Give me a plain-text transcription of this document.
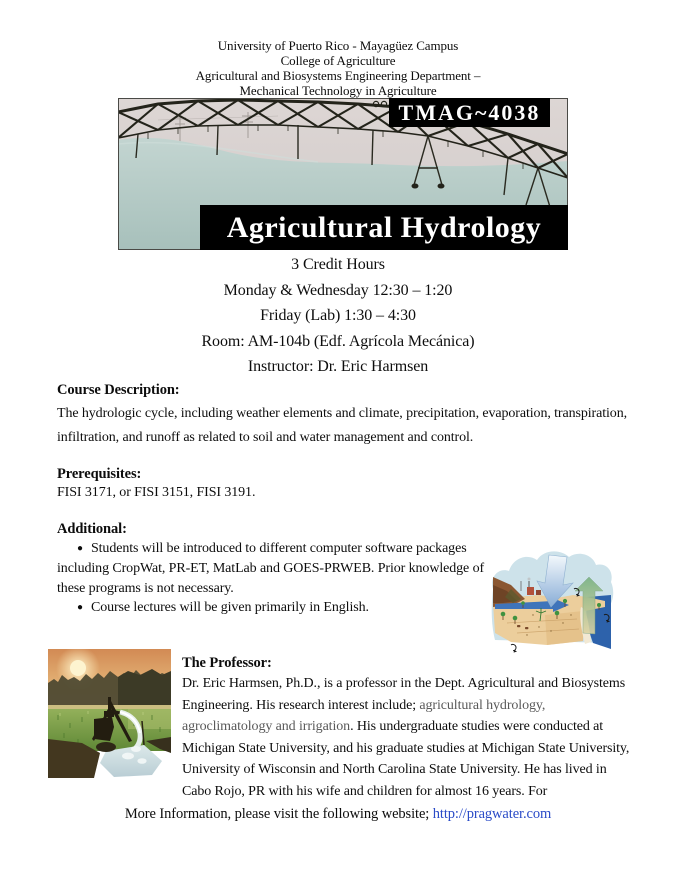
University of Puerto Rico - Mayagüez Campus
College of Agriculture
Agricultural and Biosystems Engineering Department –
Mechanical Technology in Agriculture
TMAG~4038
Agricultural Hydrology
3 Credit Hours
Monday & Wednesday 12:30 – 1:20
Friday (Lab) 1:30 – 4:30
Room: AM-104b (Edf. Agrícola Mecánica)
Instructor: Dr. Eric Harmsen
Course Description:
The hydrologic cycle, including weather elements and climate, precipitation, evaporation, transpiration,
infiltration, and runoff as related to soil and water management and control.
Prerequisites:
FISI 3171, or FISI 3151, FISI 3191.
Additional:
● Students will be introduced to different computer software packages
including CropWat, PR-ET, MatLab and GOES-PRWEB. Prior knowledge of
these programs is not necessary.
● Course lectures will be given primarily in English.
The Professor:
Dr. Eric Harmsen, Ph.D., is a professor in the Dept. Agricultural and Biosystems
Engineering. His research interest include; agricultural hydrology,
agroclimatology and irrigation. His undergraduate studies were conducted at
Michigan State University, and his graduate studies at Michigan State University,
University of Wisconsin and North Carolina State University. He has lived in
Cabo Rojo, PR with his wife and children for almost 16 years. For
More Information, please visit the following website; http://pragwater.com
